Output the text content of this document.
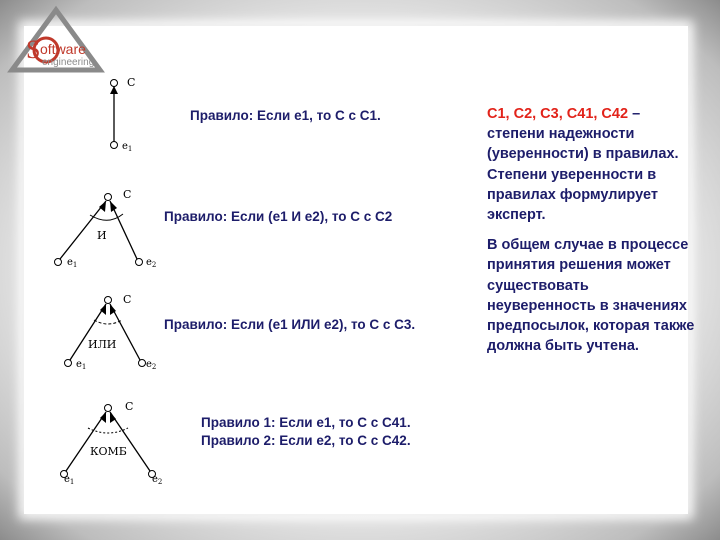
S oftware
engineering
C
$e_1$
C
И
$e_1$	$e_2$
C
ИЛИ
$e_1$	$e_2$
C
КОМБ
$e_1$	$e_2$
Правило: Если е1, то С с С1.
Правило: Если (е1 И е2), то С с С2
Правило: Если (е1 ИЛИ е2), то С с С3.
Правило 1: Если е1, то С с С41.
Правило 2: Если е2, то С с С42.
С1, С2, С3, С41, С42 – степени надежности (уверенности) в правилах. Степени уверенности в правилах формулирует эксперт.
В общем случае в процессе принятия решения может существовать неуверенность в значениях предпосылок, которая также должна быть учтена.
